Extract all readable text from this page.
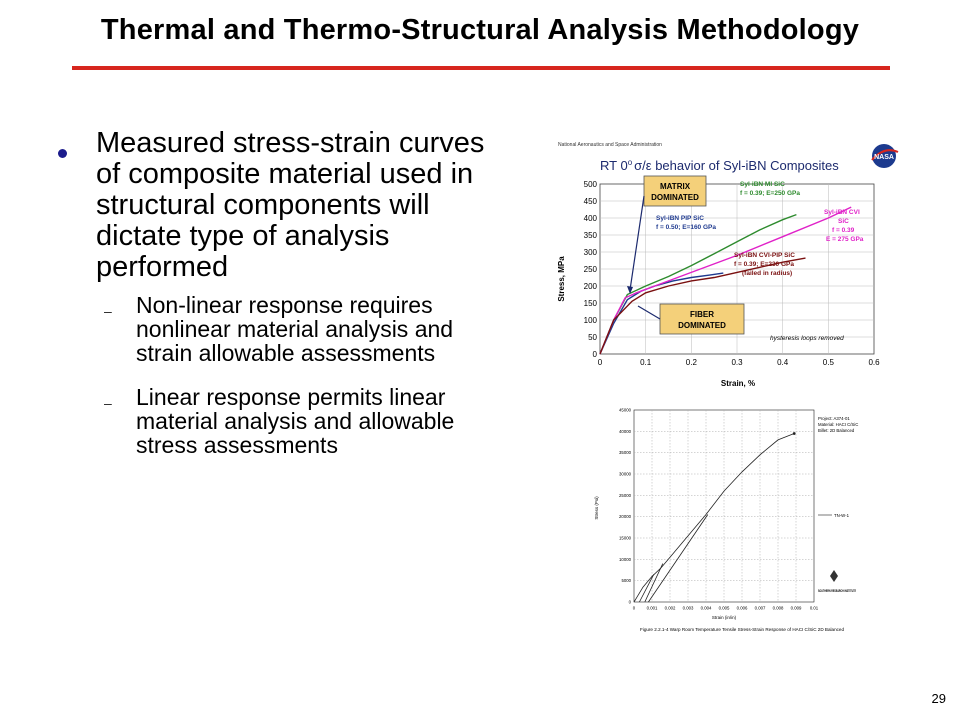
Thermal and Thermo-Structural Analysis Methodology
Measured stress-strain curves of composite material used in structural components will dictate type of analysis performed
– Non-linear response requires nonlinear material analysis and strain allowable assessments
– Linear response permits linear material analysis and allowable stress assessments
National Aeronautics and Space Administration
NASA
RT 0$^o$ σ/ε behavior of Syl-iBN Composites
0
50
100
150
200
250
300
350
400
450
500
0	0.1	0.2	0.3	0.4	0.5	0.6
Stress, MPa
Strain, %
MATRIX
DOMINATED
FIBER
DOMINATED
Syl-iBN MI SiC
f = 0.39; E=250 GPa
Syl-iBN PIP SiC
f = 0.50; E=160 GPa
Syl-iBN CVI
SiC
f = 0.39
E = 275 GPa
Syl-iBN CVI-PIP SiC
f = 0.39; E=230 GPa
(failed in radius)
hysteresis loops removed
0
5000
10000
15000
20000
25000
30000
35000
40000
45000
0	0.001 0.002 0.003 0.004 0.005 0.006 0.007 0.008 0.009 0.01
Stress (Psi)
Strain (in/in)
Project: A374-01
Material: HACI C/SiC
Billet: 2D Balanced
TN-W-1
SOUTHERN RESEARCH INSTITUTE
Figure 2.2.1-4 Warp Room Temperature Tensile Stress-Strain Response of HACI C/SiC 2D Balanced
29
